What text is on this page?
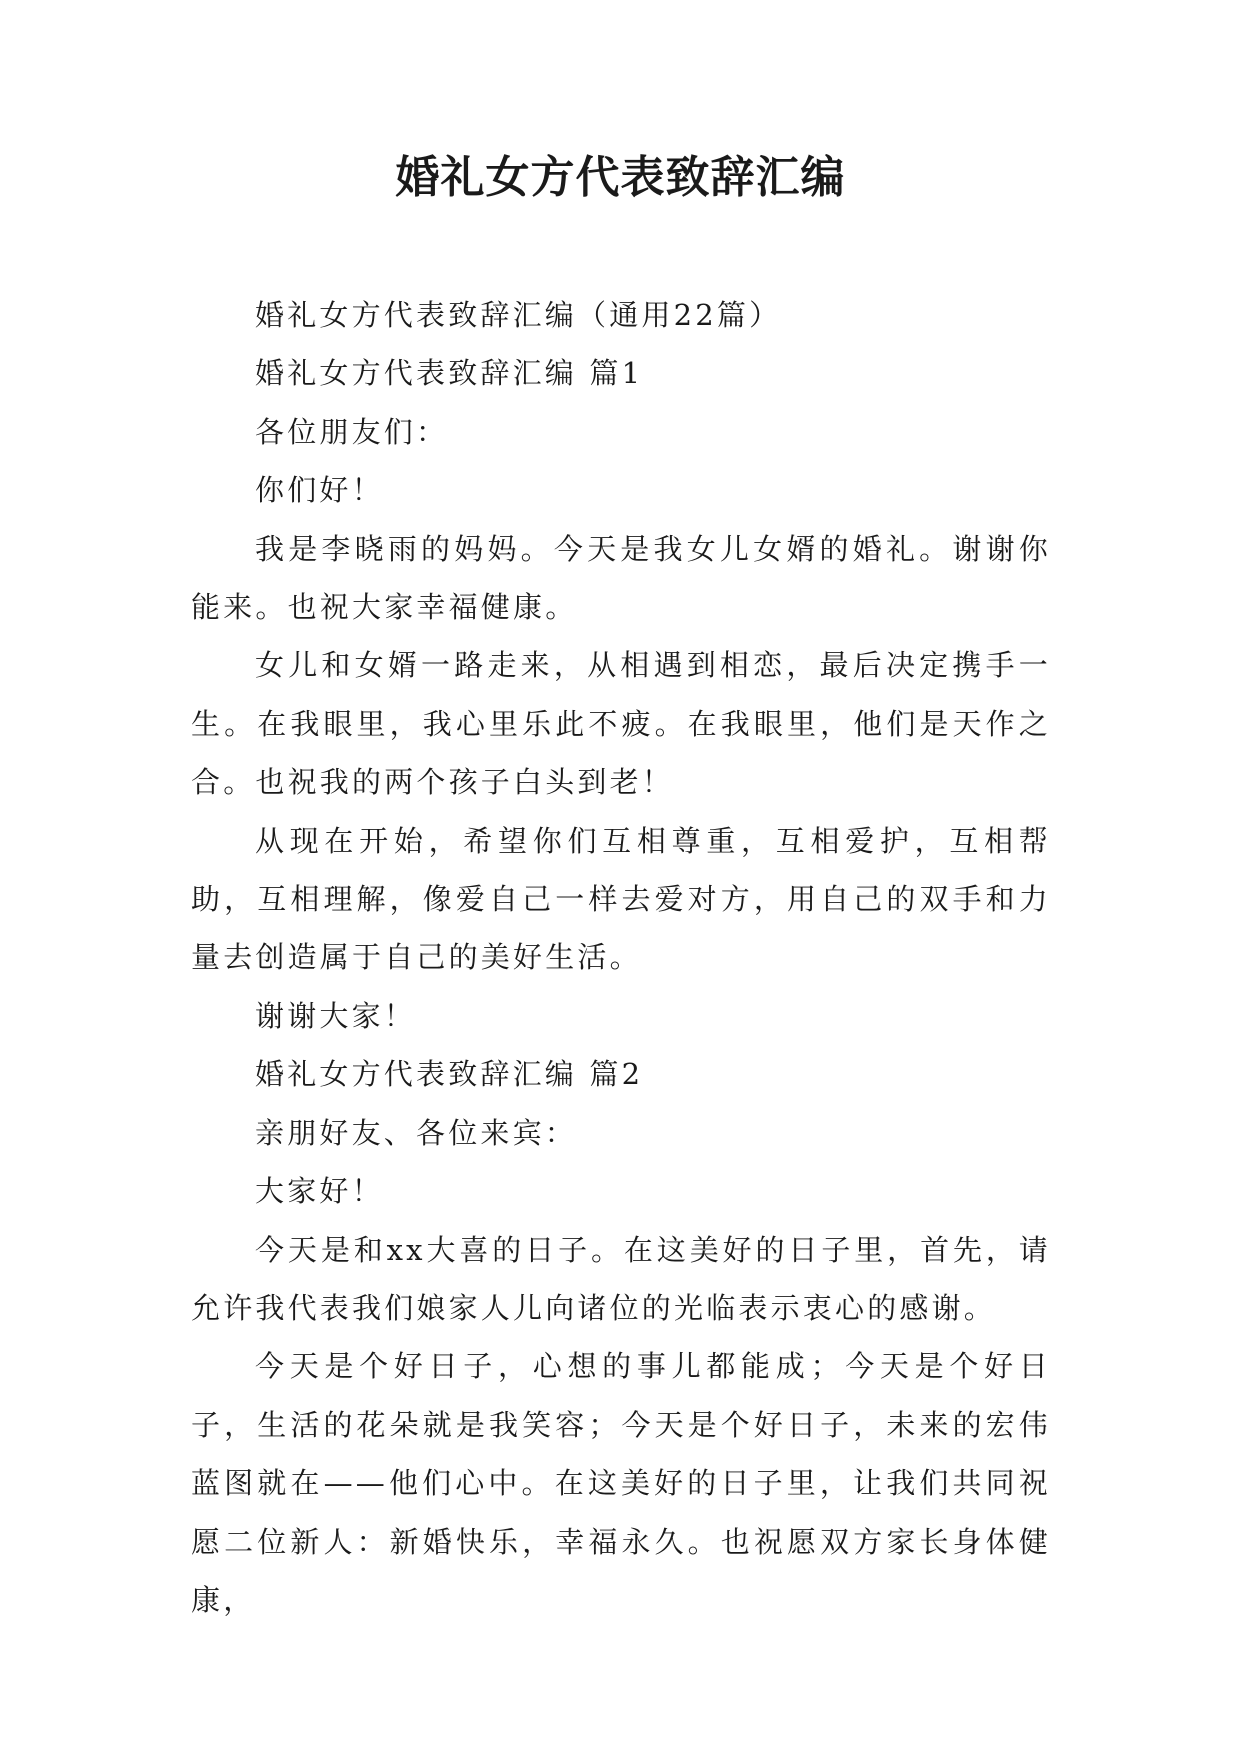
婚礼女方代表致辞汇编

婚礼女方代表致辞汇编（通用22篇）

婚礼女方代表致辞汇编 篇1

各位朋友们：

你们好！

我是李晓雨的妈妈。今天是我女儿女婿的婚礼。谢谢你能来。也祝大家幸福健康。

女儿和女婿一路走来，从相遇到相恋，最后决定携手一生。在我眼里，我心里乐此不疲。在我眼里，他们是天作之合。也祝我的两个孩子白头到老！

从现在开始，希望你们互相尊重，互相爱护，互相帮助，互相理解，像爱自己一样去爱对方，用自己的双手和力量去创造属于自己的美好生活。

谢谢大家！

婚礼女方代表致辞汇编 篇2

亲朋好友、各位来宾：

大家好！

今天是和xx大喜的日子。在这美好的日子里，首先，请允许我代表我们娘家人儿向诸位的光临表示衷心的感谢。

今天是个好日子，心想的事儿都能成；今天是个好日子，生活的花朵就是我笑容；今天是个好日子，未来的宏伟蓝图就在——他们心中。在这美好的日子里，让我们共同祝愿二位新人：新婚快乐，幸福永久。也祝愿双方家长身体健康，
